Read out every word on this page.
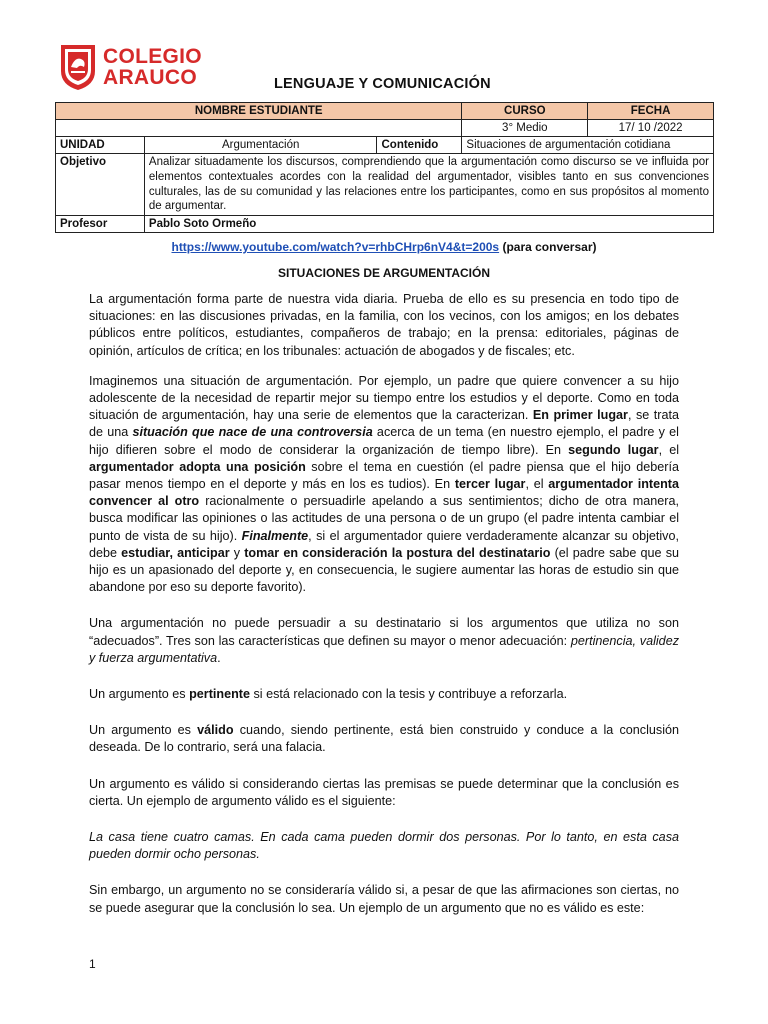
COLEGIO
ARAUCO	LENGUAJE Y COMUNICACIÓN
NOMBRE ESTUDIANTE			CURSO	FECHA
			3° Medio	17/ 10 /2022
UNIDAD	Argumentación	Contenido	Situaciones de argumentación cotidiana	
Objetivo	Analizar situadamente los discursos, comprendiendo que la argumentación como discurso se ve influida por elementos contextuales acordes con la realidad del argumentador, visibles tanto en sus convenciones culturales, las de su comunidad y las relaciones entre los participantes, como en sus propósitos al momento de argumentar.			
Profesor	Pablo Soto Ormeño			
https://www.youtube.com/watch?v=rhbCHrp6nV4&t=200s (para conversar)
SITUACIONES DE ARGUMENTACIÓN

La argumentación forma parte de nuestra vida diaria. Prueba de ello es su presencia en todo tipo de situaciones: en las discusiones privadas, en la familia, con los vecinos, con los amigos; en los debates públicos entre políticos, estudiantes, compañeros de trabajo; en la prensa: editoriales, páginas de opinión, artículos de crítica; en los tribunales: actuación de abogados y de fiscales; etc.

Imaginemos una situación de argumentación. Por ejemplo, un padre que quiere convencer a su hijo adolescente de la necesidad de repartir mejor su tiempo entre los estudios y el deporte. Como en toda situación de argumentación, hay una serie de elementos que la caracterizan. En primer lugar, se trata de una situación que nace de una controversia acerca de un tema (en nuestro ejemplo, el padre y el hijo difieren sobre el modo de considerar la organización de tiempo libre). En segundo lugar, el argumentador adopta una posición sobre el tema en cuestión (el padre piensa que el hijo debería pasar menos tiempo en el deporte y más en los es tudios). En tercer lugar, el argumentador intenta convencer al otro racionalmente o persuadirle apelando a sus sentimientos; dicho de otra manera, busca modificar las opiniones o las actitudes de una persona o de un grupo (el padre intenta cambiar el punto de vista de su hijo). Finalmente, si el argumentador quiere verdaderamente alcanzar su objetivo, debe estudiar, anticipar y tomar en consideración la postura del destinatario (el padre sabe que su hijo es un apasionado del deporte y, en consecuencia, le sugiere aumentar las horas de estudio sin que abandone por eso su deporte favorito).

Una argumentación no puede persuadir a su destinatario si los argumentos que utiliza no son “adecuados”. Tres son las características que definen su mayor o menor adecuación: pertinencia, validez y fuerza argumentativa.

Un argumento es pertinente si está relacionado con la tesis y contribuye a reforzarla.

Un argumento es válido cuando, siendo pertinente, está bien construido y conduce a la conclusión deseada. De lo contrario, será una falacia.

Un argumento es válido si considerando ciertas las premisas se puede determinar que la conclusión es cierta. Un ejemplo de argumento válido es el siguiente:

La casa tiene cuatro camas. En cada cama pueden dormir dos personas. Por lo tanto, en esta casa pueden dormir ocho personas.

Sin embargo, un argumento no se consideraría válido si, a pesar de que las afirmaciones son ciertas, no se puede asegurar que la conclusión lo sea. Un ejemplo de un argumento que no es válido es este:

1
